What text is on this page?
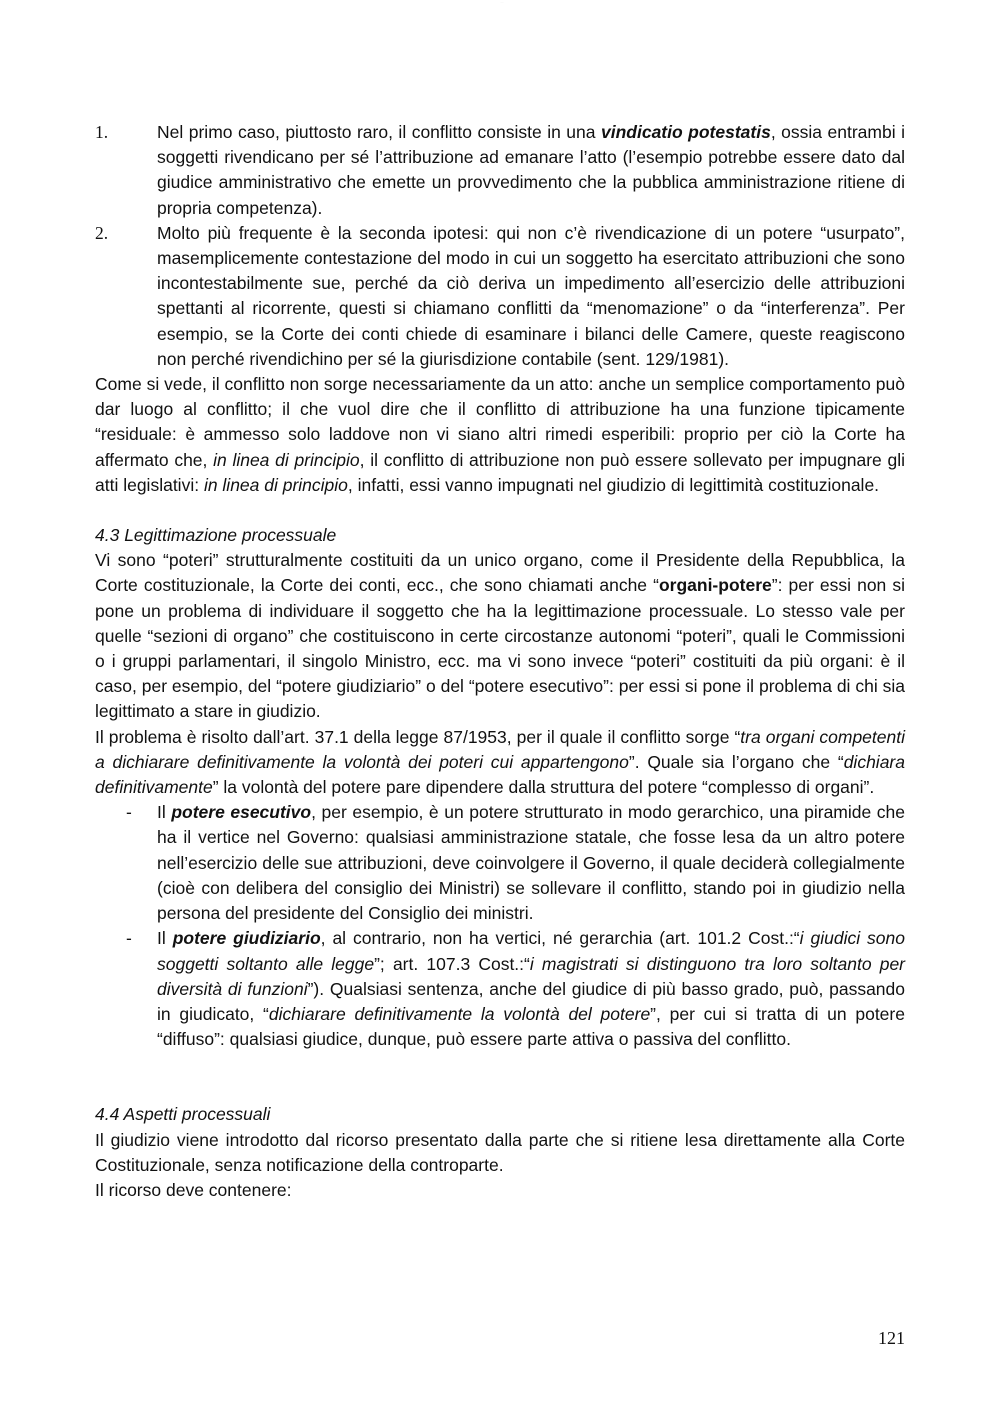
···

1.	Nel primo caso, piuttosto raro, il conflitto consiste in una vindicatio potestatis, ossia entrambi i soggetti rivendicano per sé l’attribuzione ad emanare l’atto (l’esempio potrebbe essere dato dal giudice amministrativo che emette un provvedimento che la pubblica amministrazione ritiene di propria competenza).

2.	Molto più frequente è la seconda ipotesi: qui non c’è rivendicazione di un potere “usurpato”, masemplicemente contestazione del modo in cui un soggetto ha esercitato attribuzioni che sono incontestabilmente sue, perché da ciò deriva un impedimento all’esercizio delle attribuzioni spettanti al ricorrente, questi si chiamano conflitti da “menomazione” o da “interferenza”. Per esempio, se la Corte dei conti chiede di esaminare i bilanci delle Camere, queste reagiscono non perché rivendichino per sé la giurisdizione contabile (sent. 129/1981).

Come si vede, il conflitto non sorge necessariamente da un atto: anche un semplice comportamento può dar luogo al conflitto; il che vuol dire che il conflitto di attribuzione ha una funzione tipicamente “residuale: è ammesso solo laddove non vi siano altri rimedi esperibili: proprio per ciò la Corte ha affermato che, in linea di principio, il conflitto di attribuzione non può essere sollevato per impugnare gli atti legislativi: in linea di principio, infatti, essi vanno impugnati nel giudizio di legittimità costituzionale.

4.3 Legittimazione processuale

Vi sono “poteri” strutturalmente costituiti da un unico organo, come il Presidente della Repubblica, la Corte costituzionale, la Corte dei conti, ecc., che sono chiamati anche “organi-potere”: per essi non si pone un problema di individuare il soggetto che ha la legittimazione processuale. Lo stesso vale per quelle “sezioni di organo” che costituiscono in certe circostanze autonomi “poteri”, quali le Commissioni o i gruppi parlamentari, il singolo Ministro, ecc. ma vi sono invece “poteri” costituiti da più organi: è il caso, per esempio, del “potere giudiziario” o del “potere esecutivo”: per essi si pone il problema di chi sia legittimato a stare in giudizio.

Il problema è risolto dall’art. 37.1 della legge 87/1953, per il quale il conflitto sorge “tra organi competenti a dichiarare definitivamente la volontà dei poteri cui appartengono”. Quale sia l’organo che “dichiara definitivamente” la volontà del potere pare dipendere dalla struttura del potere “complesso di organi”.

- Il potere esecutivo, per esempio, è un potere strutturato in modo gerarchico, una piramide che ha il vertice nel Governo: qualsiasi amministrazione statale, che fosse lesa da un altro potere nell’esercizio delle sue attribuzioni, deve coinvolgere il Governo, il quale deciderà collegialmente (cioè con delibera del consiglio dei Ministri) se sollevare il conflitto, stando poi in giudizio nella persona del presidente del Consiglio dei ministri.

- Il potere giudiziario, al contrario, non ha vertici, né gerarchia (art. 101.2 Cost.:“i giudici sono soggetti soltanto alle legge”; art. 107.3 Cost.:“i magistrati si distinguono tra loro soltanto per diversità di funzioni”). Qualsiasi sentenza, anche del giudice di più basso grado, può, passando in giudicato, “dichiarare definitivamente la volontà del potere”, per cui si tratta di un potere “diffuso”: qualsiasi giudice, dunque, può essere parte attiva o passiva del conflitto.

4.4 Aspetti processuali

Il giudizio viene introdotto dal ricorso presentato dalla parte che si ritiene lesa direttamente alla Corte Costituzionale, senza notificazione della controparte.

Il ricorso deve contenere:

121
